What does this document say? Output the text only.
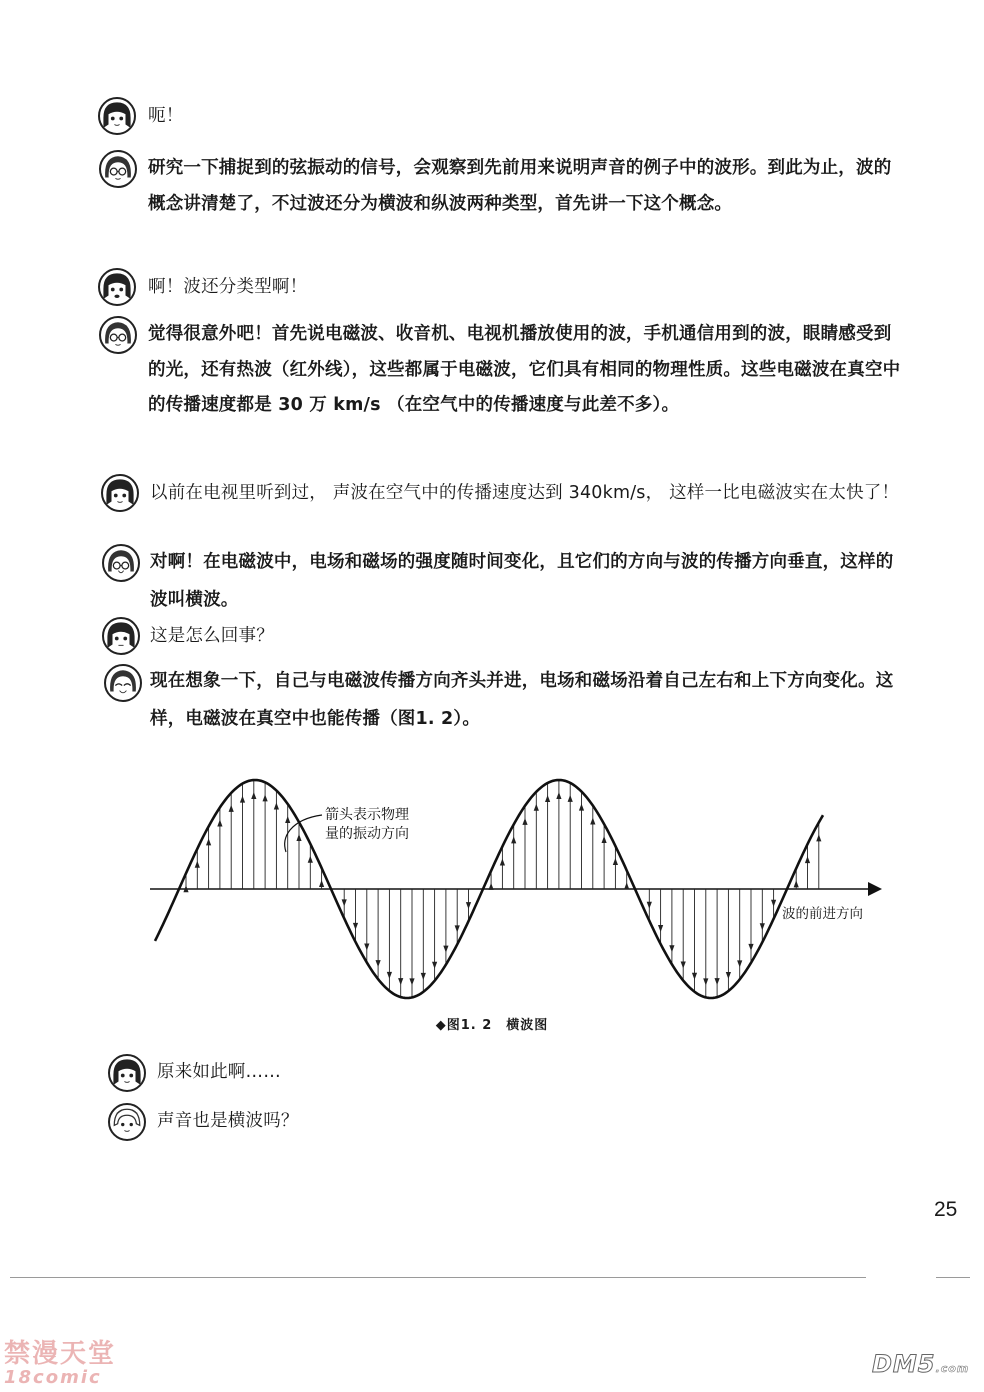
呃！
研究一下捕捉到的弦振动的信号，会观察到先前用来说明声音的例子中的波形。到此为止，波的概念讲清楚了，不过波还分为横波和纵波两种类型，首先讲一下这个概念。
啊！波还分类型啊！
觉得很意外吧！首先说电磁波、收音机、电视机播放使用的波，手机通信用到的波，眼睛感受到的光，还有热波（红外线），这些都属于电磁波，它们具有相同的物理性质。这些电磁波在真空中的传播速度都是 30 万 km/s （在空气中的传播速度与此差不多）。
以前在电视里听到过， 声波在空气中的传播速度达到 340km/s， 这样一比电磁波实在太快了！
对啊！在电磁波中，电场和磁场的强度随时间变化，且它们的方向与波的传播方向垂直，这样的波叫横波。
这是怎么回事？
现在想象一下，自己与电磁波传播方向齐头并进，电场和磁场沿着自己左右和上下方向变化。这样，电磁波在真空中也能传播（图1. 2）。
箭头表示物理
量的振动方向
波的前进方向
◆图1. 2　横波图
原来如此啊……
声音也是横波吗？
25
禁漫天堂
18comic	DM5.com
